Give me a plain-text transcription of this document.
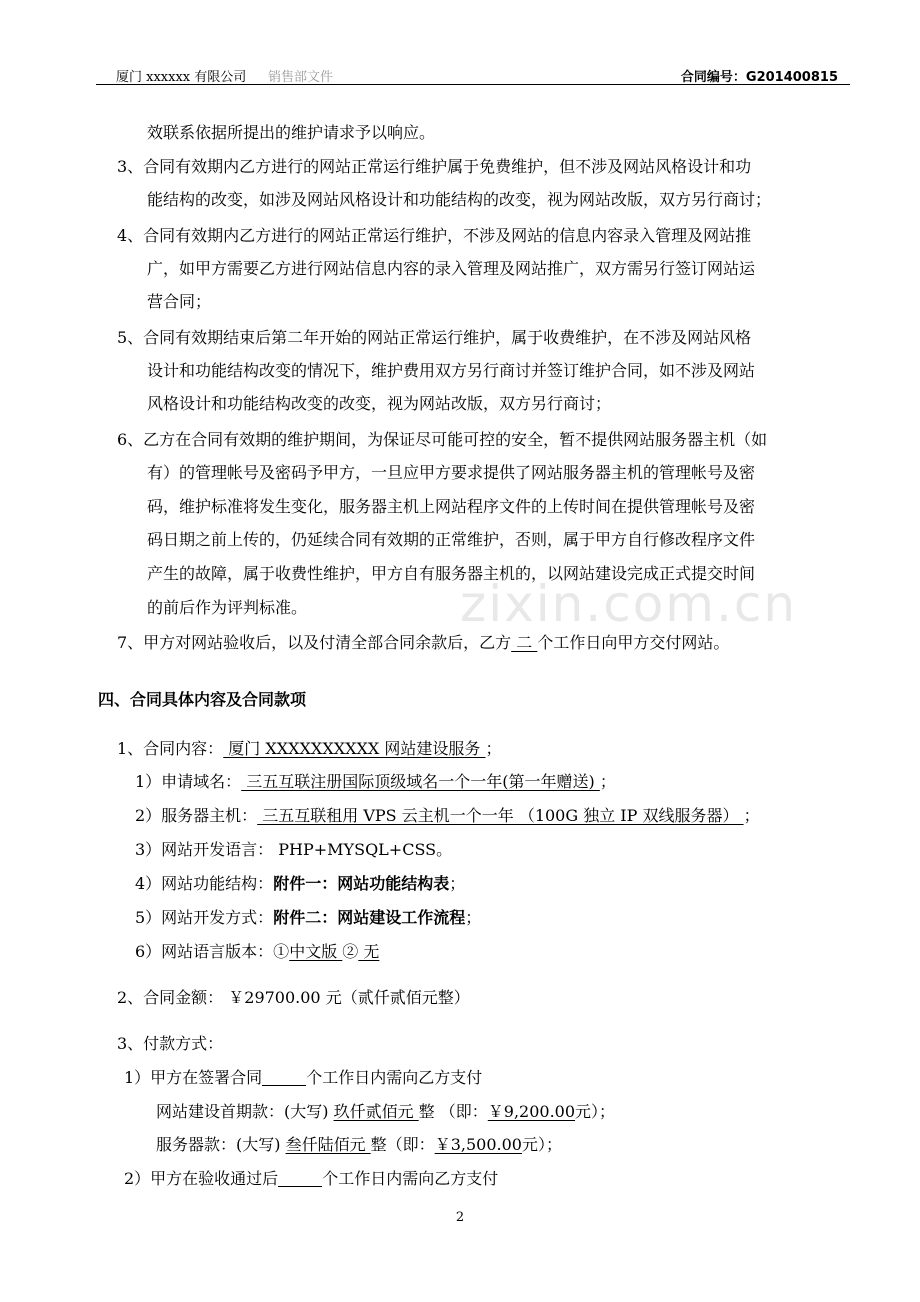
厦门 xxxxxx 有限公司 销售部文件	合同编号：G201400815
zixin.com.cn
效联系依据所提出的维护请求予以响应。
3、合同有效期内乙方进行的网站正常运行维护属于免费维护，但不涉及网站风格设计和功
能结构的改变，如涉及网站风格设计和功能结构的改变，视为网站改版，双方另行商讨；
4、合同有效期内乙方进行的网站正常运行维护，不涉及网站的信息内容录入管理及网站推
广，如甲方需要乙方进行网站信息内容的录入管理及网站推广，双方需另行签订网站运
营合同；
5、合同有效期结束后第二年开始的网站正常运行维护，属于收费维护，在不涉及网站风格
设计和功能结构改变的情况下，维护费用双方另行商讨并签订维护合同，如不涉及网站
风格设计和功能结构改变的改变，视为网站改版，双方另行商讨；
6、乙方在合同有效期的维护期间，为保证尽可能可控的安全，暂不提供网站服务器主机（如
有）的管理帐号及密码予甲方，一旦应甲方要求提供了网站服务器主机的管理帐号及密
码，维护标准将发生变化，服务器主机上网站程序文件的上传时间在提供管理帐号及密
码日期之前上传的，仍延续合同有效期的正常维护，否则，属于甲方自行修改程序文件
产生的故障，属于收费性维护，甲方自有服务器主机的，以网站建设完成正式提交时间
的前后作为评判标准。
7、甲方对网站验收后，以及付清全部合同余款后，乙方 二 个工作日向甲方交付网站。
四、合同具体内容及合同款项
1、合同内容： 厦门 XXXXXXXXXX 网站建设服务 ；
1）申请域名： 三五互联注册国际顶级域名一个一年(第一年赠送) ；
2）服务器主机： 三五互联租用 VPS 云主机一个一年 （100G 独立 IP 双线服务器） ；
3）网站开发语言： PHP+MYSQL+CSS。
4）网站功能结构：附件一：网站功能结构表；
5）网站开发方式：附件二：网站建设工作流程；
6）网站语言版本：①中文版 ② 无
2、合同金额： ￥29700.00 元（贰仟贰佰元整）
3、付款方式：
1）甲方在签署合同	个工作日内需向乙方支付
网站建设首期款：(大写) 玖仟贰佰元 整 （即：￥9,200.00元）；
服务器款：(大写) 叁仟陆佰元 整（即：￥3,500.00元）；
2）甲方在验收通过后	个工作日内需向乙方支付
2
